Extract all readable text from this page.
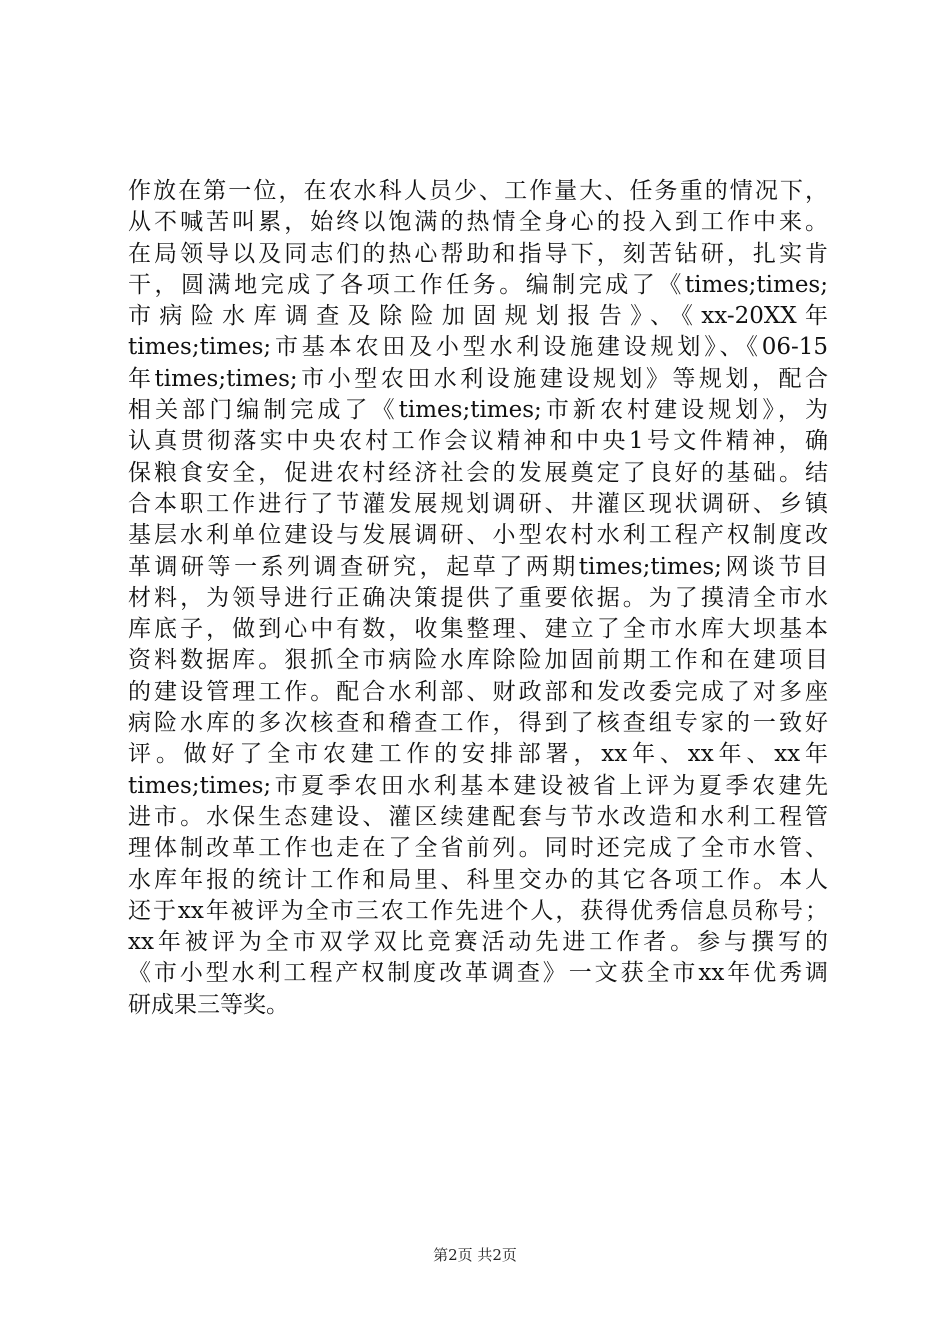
作放在第一位，在农水科人员少、工作量大、任务重的情况下，
从不喊苦叫累，始终以饱满的热情全身心的投入到工作中来。
在局领导以及同志们的热心帮助和指导下，刻苦钻研，扎实肯
干，圆满地完成了各项工作任务。编制完成了《times;times;
市病险水库调查及除险加固规划报告》、《xx-20XX年
times;times;市基本农田及小型水利设施建设规划》、《06-15
年times;times;市小型农田水利设施建设规划》等规划，配合
相关部门编制完成了《times;times;市新农村建设规划》，为
认真贯彻落实中央农村工作会议精神和中央1号文件精神，确
保粮食安全，促进农村经济社会的发展奠定了良好的基础。结
合本职工作进行了节灌发展规划调研、井灌区现状调研、乡镇
基层水利单位建设与发展调研、小型农村水利工程产权制度改
革调研等一系列调查研究，起草了两期times;times;网谈节目
材料，为领导进行正确决策提供了重要依据。为了摸清全市水
库底子，做到心中有数，收集整理、建立了全市水库大坝基本
资料数据库。狠抓全市病险水库除险加固前期工作和在建项目
的建设管理工作。配合水利部、财政部和发改委完成了对多座
病险水库的多次核查和稽查工作，得到了核查组专家的一致好
评。做好了全市农建工作的安排部署，xx年、xx年、xx年
times;times;市夏季农田水利基本建设被省上评为夏季农建先
进市。水保生态建设、灌区续建配套与节水改造和水利工程管
理体制改革工作也走在了全省前列。同时还完成了全市水管、
水库年报的统计工作和局里、科里交办的其它各项工作。本人
还于xx年被评为全市三农工作先进个人，获得优秀信息员称号；
xx年被评为全市双学双比竞赛活动先进工作者。参与撰写的
《市小型水利工程产权制度改革调查》一文获全市xx年优秀调
研成果三等奖。
第2页 共2页
